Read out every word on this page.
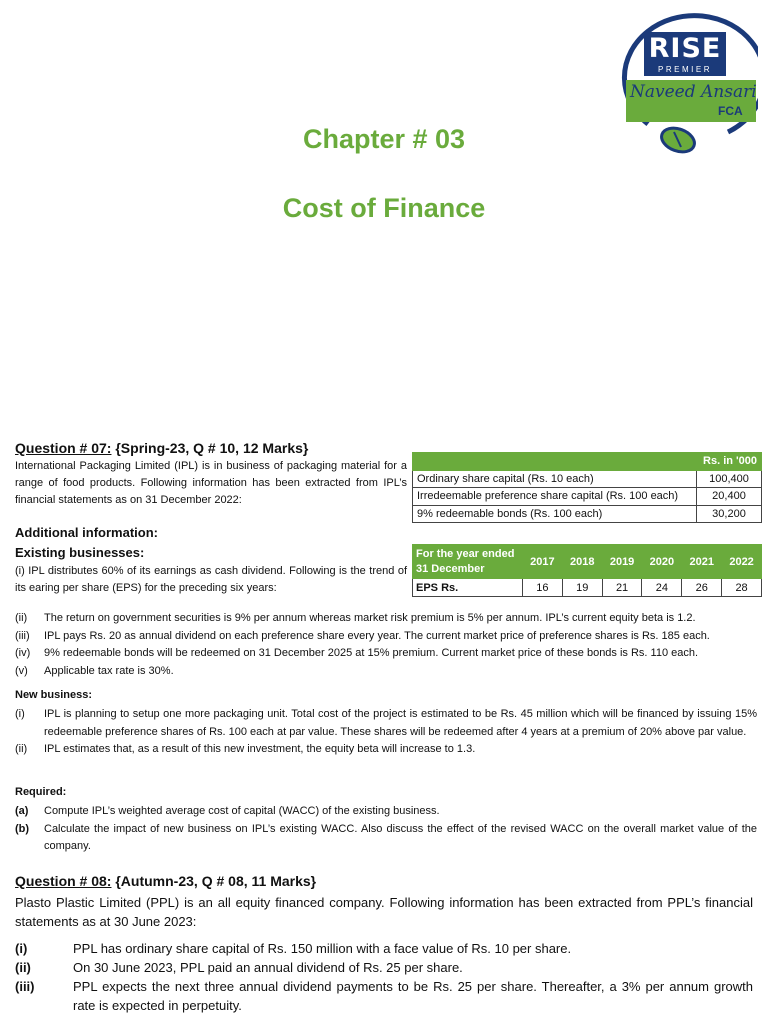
RISE
PREMIER
Naveed Ansari
FCA
Chapter # 03
Cost of Finance
Question # 07: {Spring-23, Q # 10, 12 Marks}
International Packaging Limited (IPL) is in business of packaging material for a range of food products. Following information has been extracted from IPL’s financial statements as on 31 December 2022:
Rs. in '000	
Ordinary share capital (Rs. 10 each)	100,400
Irredeemable preference share capital (Rs. 100 each)	20,400
9% redeemable bonds (Rs. 100 each)	30,200
Additional information:
Existing businesses:
(i) IPL distributes 60% of its earnings as cash dividend. Following is the trend of its earing per share (EPS) for the preceding six years:
For the year ended 31 December	2017	2018	2019	2020	2021	2022
EPS Rs.	16	19	21	24	26	28
(ii)	The return on government securities is 9% per annum whereas market risk premium is 5% per annum. IPL’s current equity beta is 1.2.
(iii)	IPL pays Rs. 20 as annual dividend on each preference share every year. The current market price of preference shares is Rs. 185 each.
(iv)	9% redeemable bonds will be redeemed on 31 December 2025 at 15% premium. Current market price of these bonds is Rs. 110 each.
(v)	Applicable tax rate is 30%.
New business:
(i)	IPL is planning to setup one more packaging unit. Total cost of the project is estimated to be Rs. 45 million which will be financed by issuing 15% redeemable preference shares of Rs. 100 each at par value. These shares will be redeemed after 4 years at a premium of 20% above par value.
(ii)	IPL estimates that, as a result of this new investment, the equity beta will increase to 1.3.
Required:
(a)	Compute IPL’s weighted average cost of capital (WACC) of the existing business.
(b)	Calculate the impact of new business on IPL’s existing WACC. Also discuss the effect of the revised WACC on the overall market value of the company.
Question # 08: {Autumn-23, Q # 08, 11 Marks}
Plasto Plastic Limited (PPL) is an all equity financed company. Following information has been extracted from PPL’s financial statements as at 30 June 2023:
(i)	PPL has ordinary share capital of Rs. 150 million with a face value of Rs. 10 per share.
(ii)	On 30 June 2023, PPL paid an annual dividend of Rs. 25 per share.
(iii)	PPL expects the next three annual dividend payments to be Rs. 25 per share. Thereafter, a 3% per annum growth rate is expected in perpetuity.
